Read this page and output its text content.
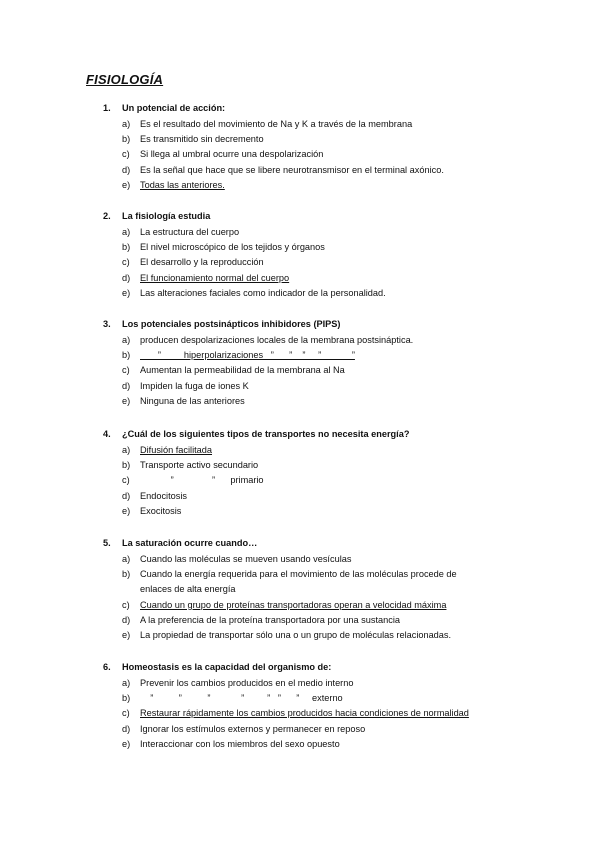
FISIOLOGÍA
1. Un potencial de acción:
a) Es el resultado del movimiento de Na y K a través de la membrana
b) Es transmitido sin decremento
c) Si llega al umbral ocurre una despolarización
d) Es la señal que hace que se libere neurotransmisor en el terminal axónico.
e) Todas las anteriores.
2. La fisiología estudia
a) La estructura del cuerpo
b) El nivel microscópico de los tejidos y órganos
c) El desarrollo y la reproducción
d) El funcionamiento normal del cuerpo
e) Las alteraciones faciales como indicador de la personalidad.
3. Los potenciales postsinápticos inhibidores (PIPS)
a) producen despolarizaciones locales de la membrana postsináptica.
b) ”         hiperpolarizaciones   ”      ”    ”     ”            ”
c) Aumentan la permeabilidad de la membrana al Na
d) Impiden la fuga de iones K
e) Ninguna de las anteriores
4. ¿Cuál de los siguientes tipos de transportes no necesita energía?
a) Difusión facilitada
b) Transporte activo secundario
c) ”               ”      primario
d) Endocitosis
e) Exocitosis
5. La saturación ocurre cuando…
a) Cuando las moléculas se mueven usando vesículas
b) Cuando la energía requerida para el movimiento de las moléculas procede de enlaces de alta energía
c) Cuando un grupo de proteínas transportadoras operan a velocidad máxima
d) A la preferencia de la proteína transportadora por una sustancia
e) La propiedad de transportar sólo una o un grupo de moléculas relacionadas.
6. Homeostasis es la capacidad del organismo de:
a) Prevenir los cambios producidos en el medio interno
b) ”          ”          ”            ”         ”   ”      ”     externo
c) Restaurar rápidamente los cambios producidos hacia condiciones de normalidad
d) Ignorar los estímulos externos y permanecer en reposo
e) Interaccionar con los miembros del sexo opuesto
